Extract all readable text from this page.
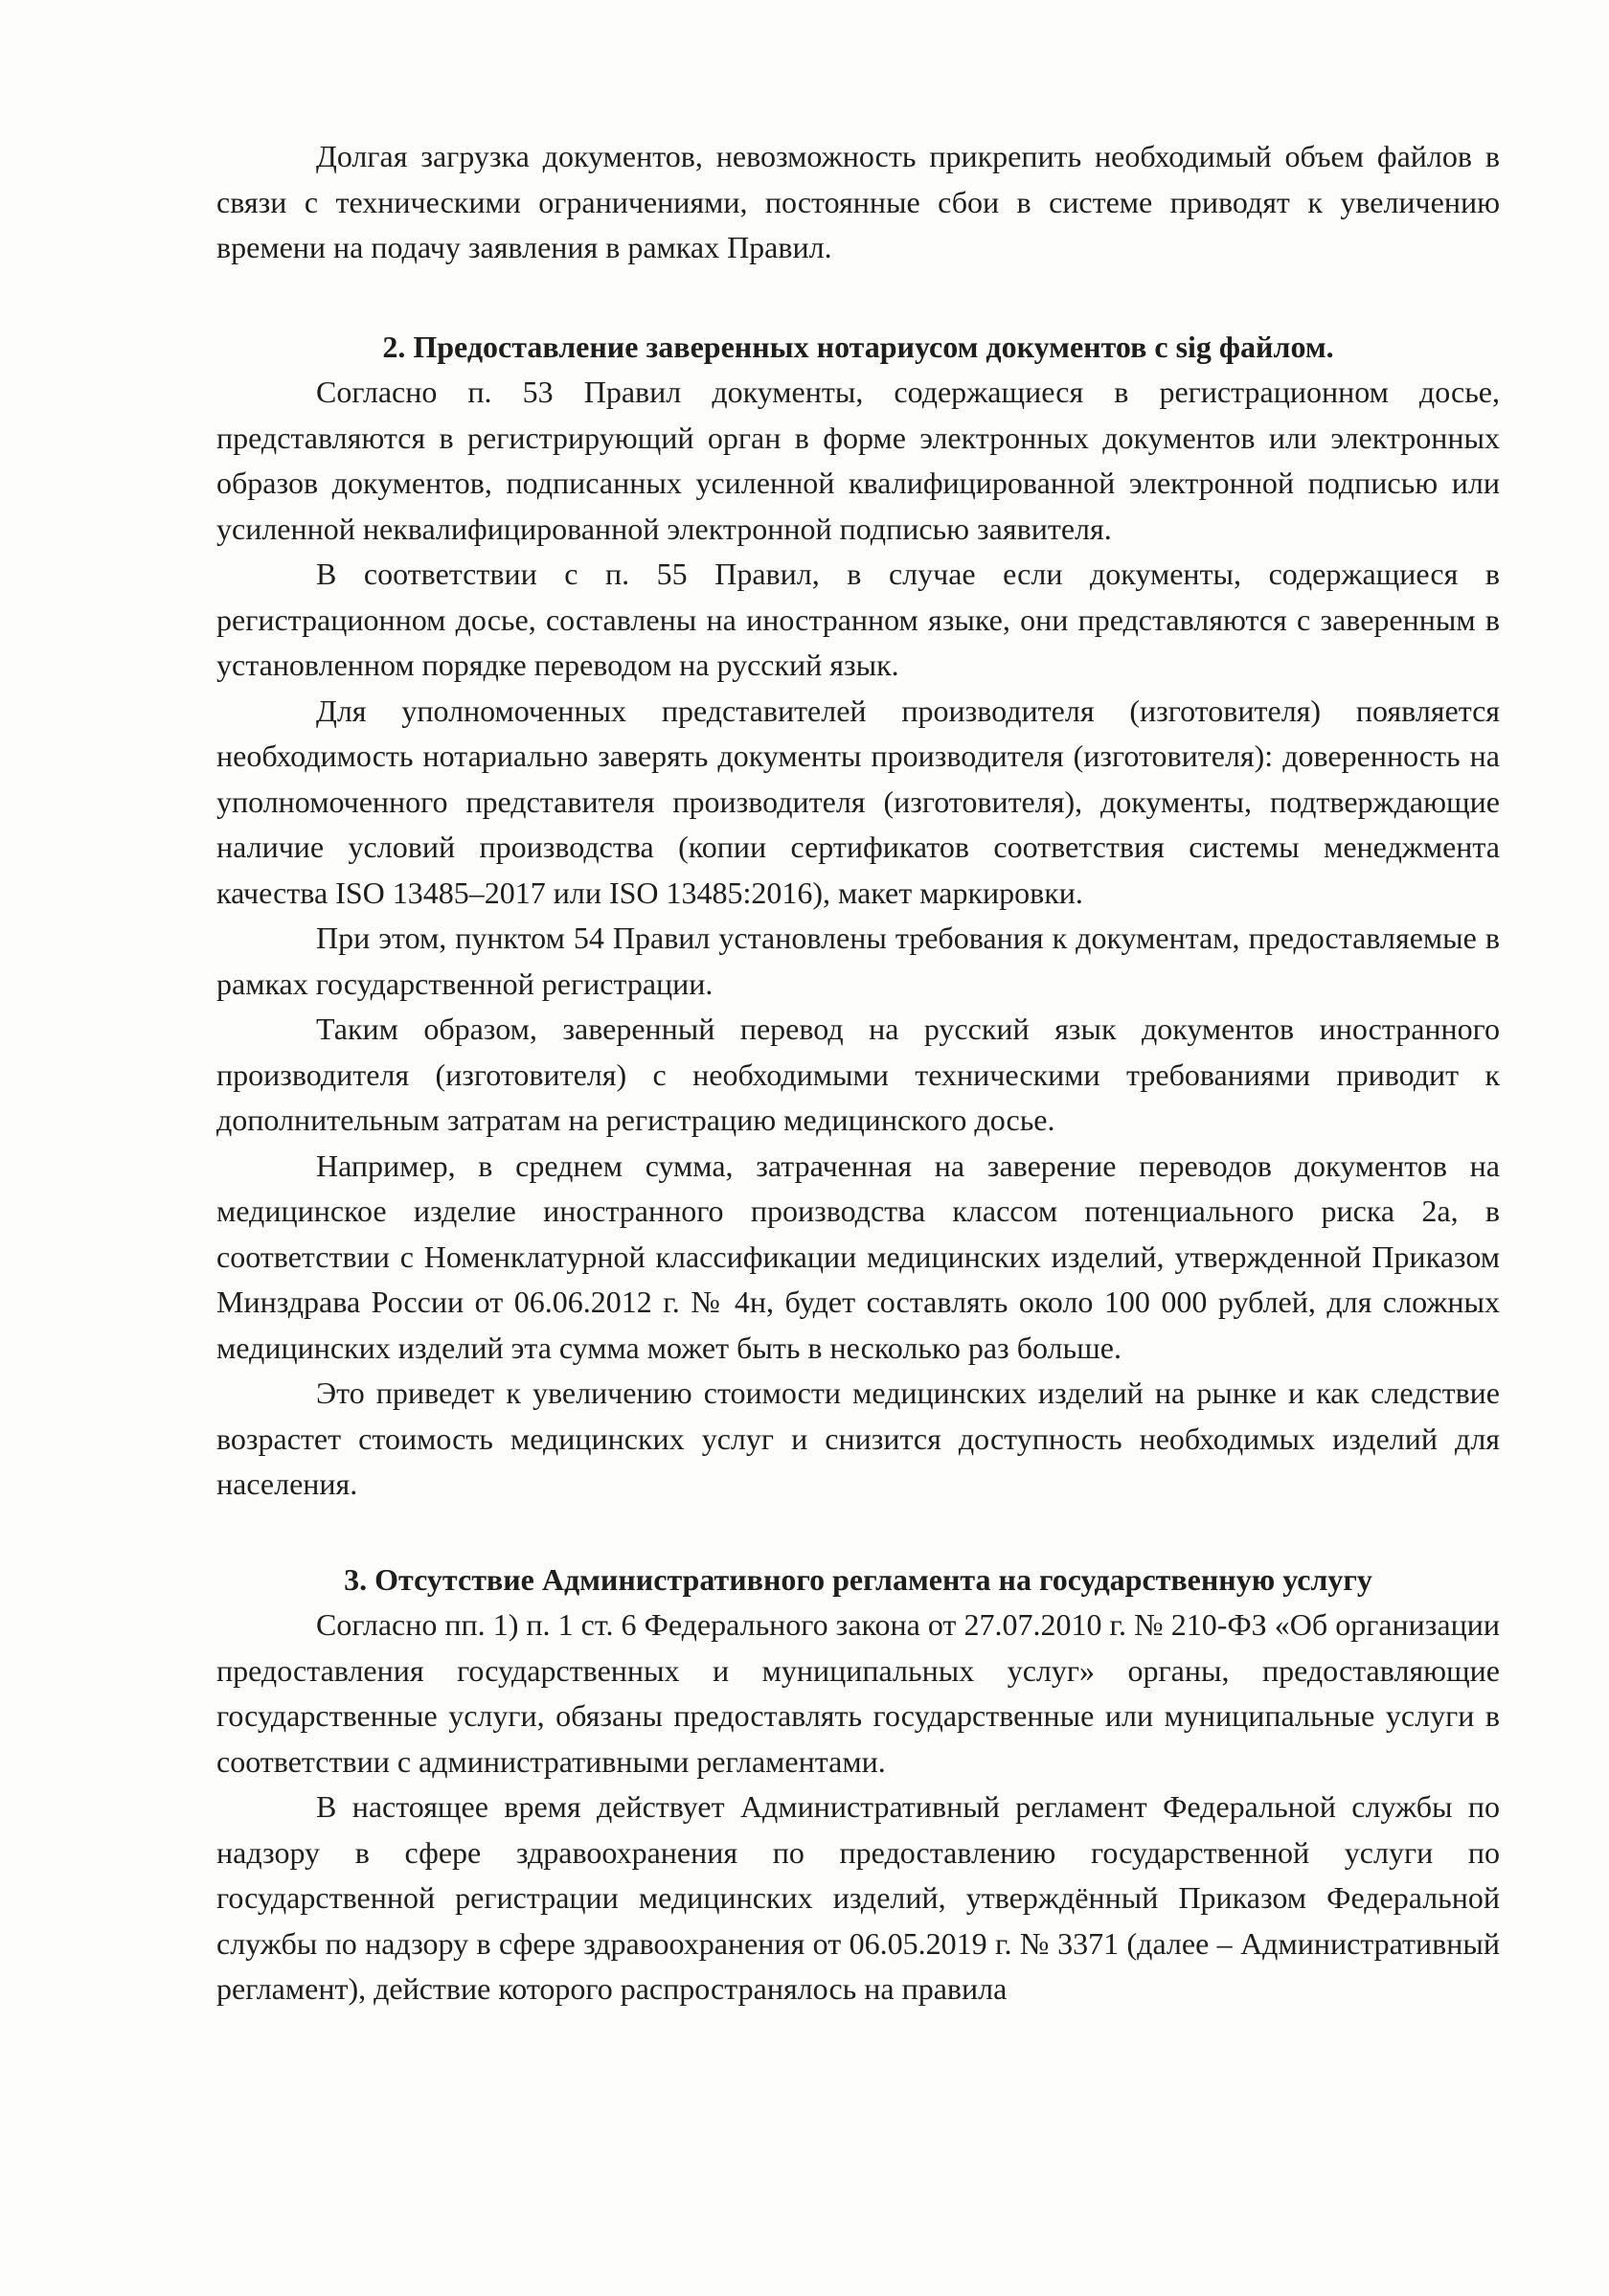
Долгая загрузка документов, невозможность прикрепить необходимый объем файлов в связи с техническими ограничениями, постоянные сбои в системе приводят к увеличению времени на подачу заявления в рамках Правил.

2. Предоставление заверенных нотариусом документов с sig файлом.

Согласно п. 53 Правил документы, содержащиеся в регистрационном досье, представляются в регистрирующий орган в форме электронных документов или электронных образов документов, подписанных усиленной квалифицированной электронной подписью или усиленной неквалифицированной электронной подписью заявителя.

В соответствии с п. 55 Правил, в случае если документы, содержащиеся в регистрационном досье, составлены на иностранном языке, они представляются с заверенным в установленном порядке переводом на русский язык.

Для уполномоченных представителей производителя (изготовителя) появляется необходимость нотариально заверять документы производителя (изготовителя): доверенность на уполномоченного представителя производителя (изготовителя), документы, подтверждающие наличие условий производства (копии сертификатов соответствия системы менеджмента качества ISO 13485–2017 или ISO 13485:2016), макет маркировки.

При этом, пунктом 54 Правил установлены требования к документам, предоставляемые в рамках государственной регистрации.

Таким образом, заверенный перевод на русский язык документов иностранного производителя (изготовителя) с необходимыми техническими требованиями приводит к дополнительным затратам на регистрацию медицинского досье.

Например, в среднем сумма, затраченная на заверение переводов документов на медицинское изделие иностранного производства классом потенциального риска 2а, в соответствии с Номенклатурной классификации медицинских изделий, утвержденной Приказом Минздрава России от 06.06.2012 г. № 4н, будет составлять около 100 000 рублей, для сложных медицинских изделий эта сумма может быть в несколько раз больше.

Это приведет к увеличению стоимости медицинских изделий на рынке и как следствие возрастет стоимость медицинских услуг и снизится доступность необходимых изделий для населения.

3. Отсутствие Административного регламента на государственную услугу

Согласно пп. 1) п. 1 ст. 6 Федерального закона от 27.07.2010 г. № 210-ФЗ «Об организации предоставления государственных и муниципальных услуг» органы, предоставляющие государственные услуги, обязаны предоставлять государственные или муниципальные услуги в соответствии с административными регламентами.

В настоящее время действует Административный регламент Федеральной службы по надзору в сфере здравоохранения по предоставлению государственной услуги по государственной регистрации медицинских изделий, утверждённый Приказом Федеральной службы по надзору в сфере здравоохранения от 06.05.2019 г. № 3371 (далее – Административный регламент), действие которого распространялось на правила
